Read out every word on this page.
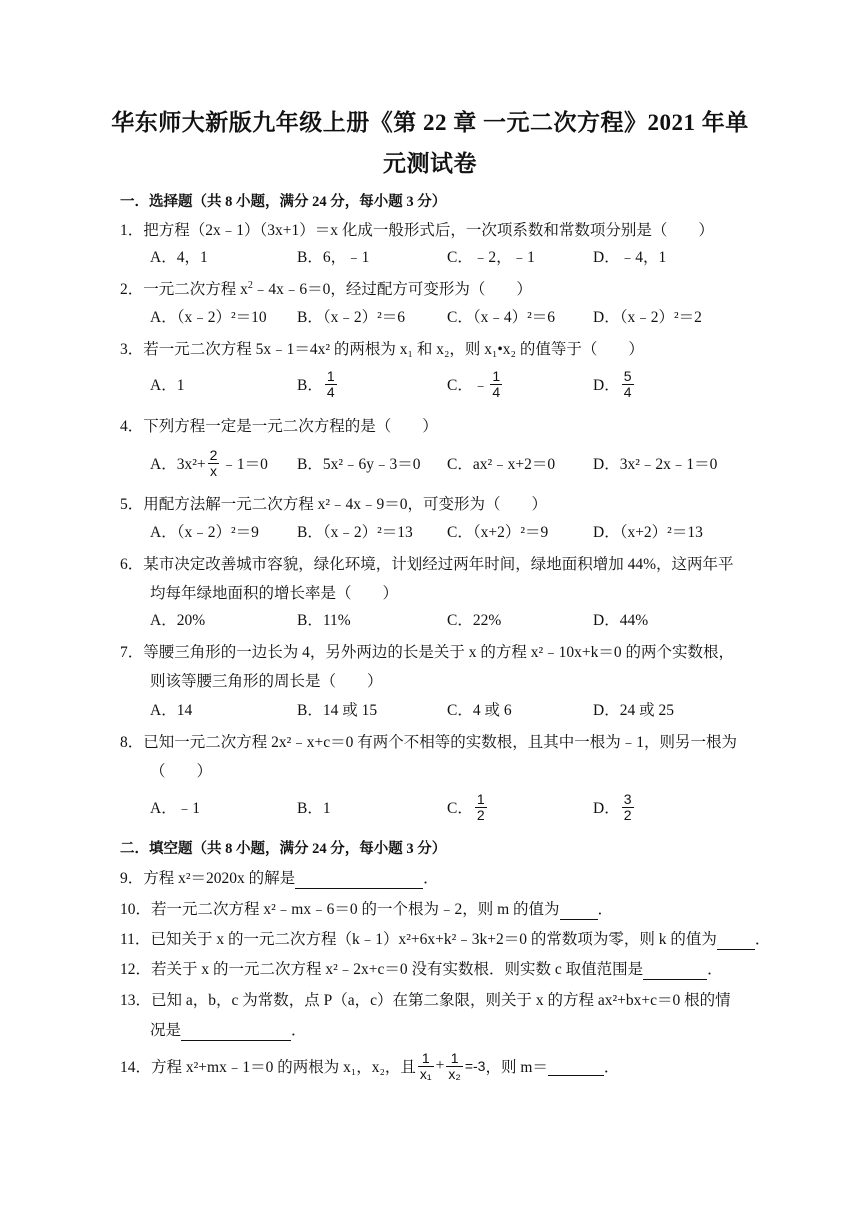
华东师大新版九年级上册《第 22 章 一元二次方程》2021 年单
元测试卷
一．选择题（共 8 小题，满分 24 分，每小题 3 分）
1．把方程（2x﹣1）（3x+1）＝x 化成一般形式后，一次项系数和常数项分别是（　　）
A．4，1	B．6，﹣1	C．﹣2，﹣1	D．﹣4，1
2．一元二次方程 $x^2﹣4x﹣6=0$，经过配方可变形为（　　）
A．（x﹣2）²＝10 B．（x﹣2）²＝6	C．（x﹣4）²＝6 D．（x﹣2）²＝2
3．若一元二次方程 5x﹣1＝4x² 的两根为 x₁ 和 x₂，则 x₁•x₂ 的值等于（　　）
A．1	B． $\frac{1}{4}$	C． ﹣ $\frac{1}{4}$	D． $\frac{5}{4}$
4．下列方程一定是一元二次方程的是（　　）
A．$3x^2+ \frac{2}{x}$ ﹣1＝0 B．5x²﹣6y﹣3＝0 C．ax²﹣x+2＝0 D．3x²﹣2x﹣1＝0
5．用配方法解一元二次方程 x²﹣4x﹣9＝0，可变形为（　　）
A．（x﹣2）²＝9 B．（x﹣2）²＝13 C．（x+2）²＝9	D．（x+2）²＝13
6．某市决定改善城市容貌，绿化环境，计划经过两年时间，绿地面积增加 44%，这两年平
均每年绿地面积的增长率是（　　）
A．20%	B．11%	C．22%	D．44%
7．等腰三角形的一边长为 4，另外两边的长是关于 x 的方程 x²﹣10x+k＝0 的两个实数根，
则该等腰三角形的周长是（　　）
A．14	B．14 或 15	C．4 或 6	D．24 或 25
8．已知一元二次方程 2x²﹣x+c＝0 有两个不相等的实数根，且其中一根为﹣1，则另一根为
（　　）
A．﹣1	B．1	C． $\frac{1}{2}$	D． $\frac{3}{2}$
二．填空题（共 8 小题，满分 24 分，每小题 3 分）
9．方程 x²＝2020x 的解是	．
10．若一元二次方程 x²﹣mx﹣6＝0 的一个根为﹣2，则 m 的值为 ．
11．已知关于 x 的一元二次方程（k﹣1）x²+6x+k²﹣3k+2＝0 的常数项为零，则 k 的值为 ．
12．若关于 x 的一元二次方程 x²﹣2x+c＝0 没有实数根．则实数 c 取值范围是	．
13．已知 a，b，c 为常数，点 P（a，c）在第二象限，则关于 x 的方程 ax²+bx+c＝0 根的情
况是	．
14． 方程 x²+mx﹣1＝0 的两根为 x₁，x₂，且 $\frac{1}{\text{x₁}} + \frac{1}{\text{x₂}} =-3$ ，则 m＝
	．
